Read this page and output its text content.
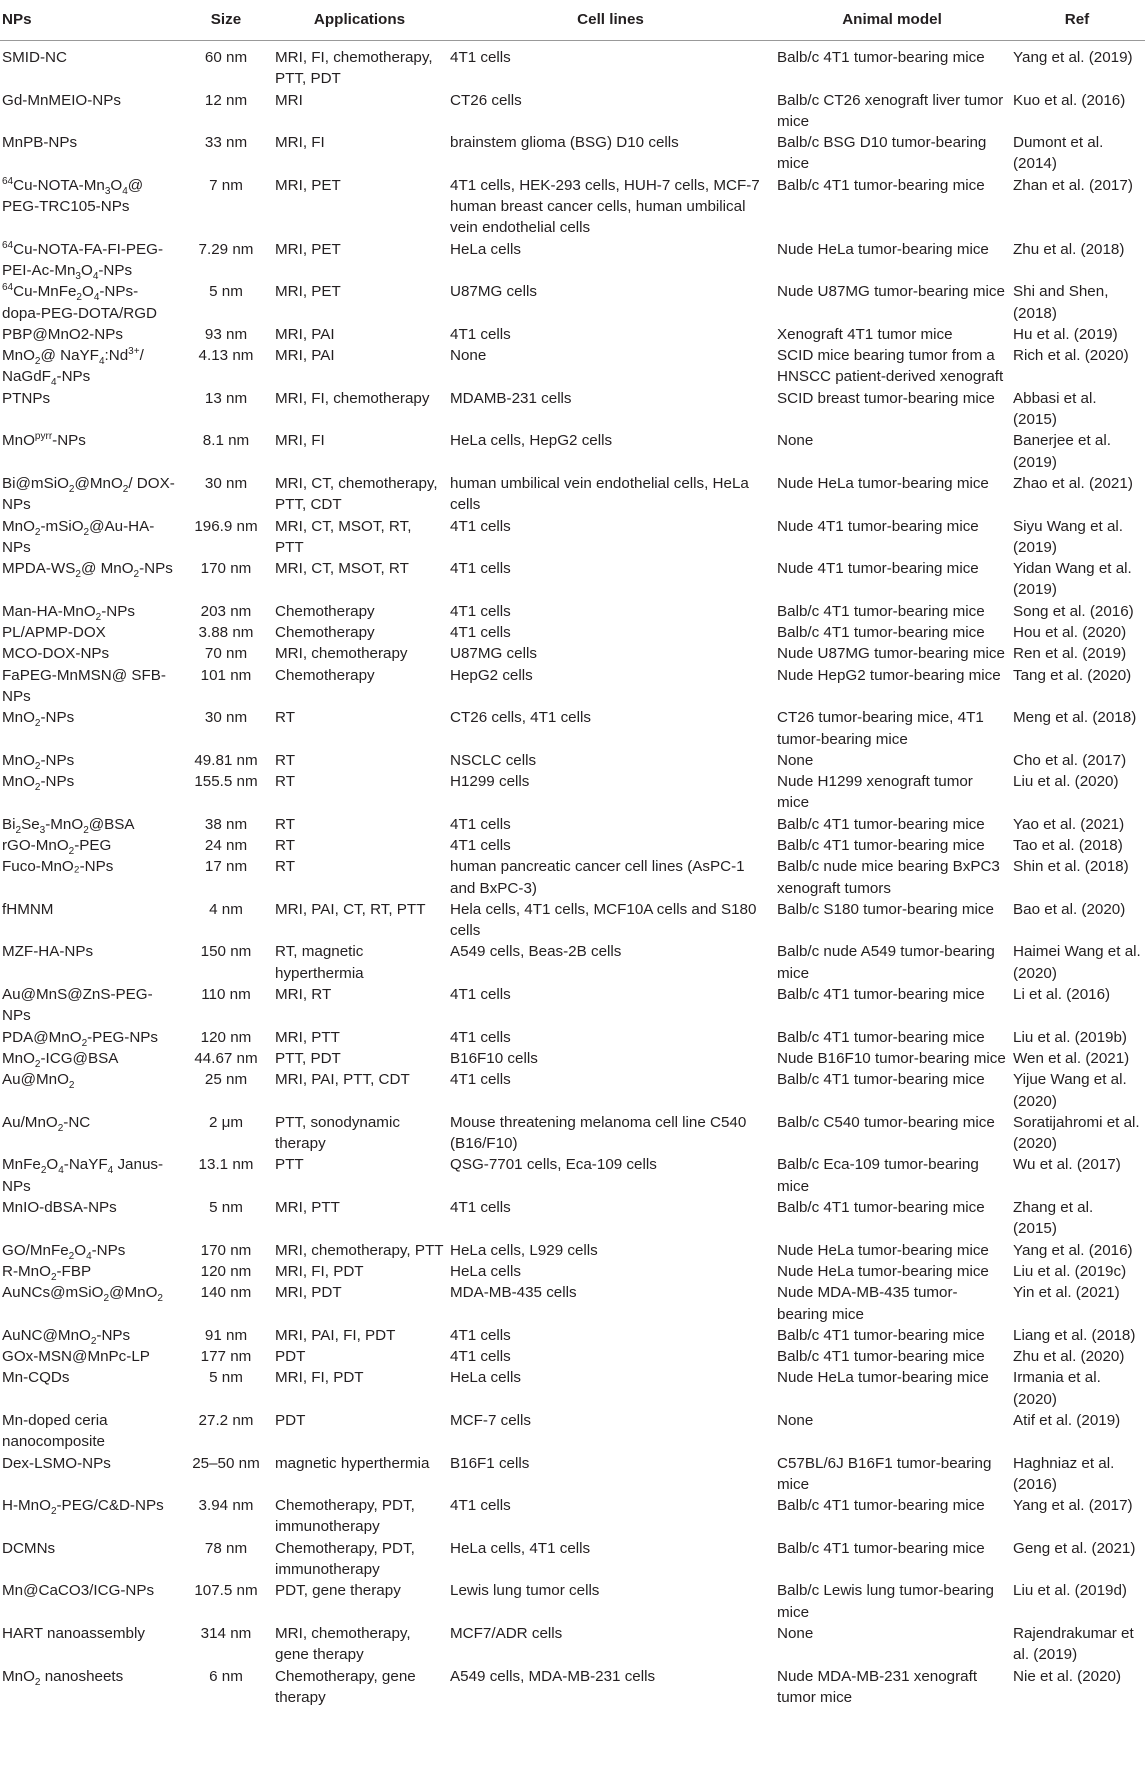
NPs	Size	Applications	Cell lines	Animal model	Ref
SMID-NC	60 nm	MRI, FI, chemotherapy, PTT, PDT	4T1 cells	Balb/c 4T1 tumor-bearing mice	Yang et al. (2019)
Gd-MnMEIO-NPs	12 nm	MRI	CT26 cells	Balb/c CT26 xenograft liver tumor mice	Kuo et al. (2016)
MnPB-NPs	33 nm	MRI, FI	brainstem glioma (BSG) D10 cells	Balb/c BSG D10 tumor-bearing mice	Dumont et al. (2014)
$^{64}Cu-NOTA-Mn_3O_4@$ PEG-TRC105-NPs	7 nm	MRI, PET	4T1 cells, HEK-293 cells, HUH-7 cells, MCF-7 human breast cancer cells, human umbilical vein endothelial cells	Balb/c 4T1 tumor-bearing mice	Zhan et al. (2017)
$^{64}Cu-NOTA-FA-FI-PEG-PEI-Ac-Mn_3O_4$-NPs	7.29 nm	MRI, PET	HeLa cells	Nude HeLa tumor-bearing mice	Zhu et al. (2018)
$^{64}Cu-MnFe_2O_4-NPs-dopa-PEG-DOTA$/RGD	5 nm	MRI, PET	U87MG cells	Nude U87MG tumor-bearing mice	Shi and Shen, (2018)
PBP@MnO2-NPs	93 nm	MRI, PAI	4T1 cells	Xenograft 4T1 tumor mice	Hu et al. (2019)
MnO$_2$@ $NaYF_4:Nd^{3+}/$ NaGdF$_4$-NPs	4.13 nm	MRI, PAI	None	SCID mice bearing tumor from a HNSCC patient-derived xenograft	Rich et al. (2020)
PTNPs	13 nm	MRI, FI, chemotherapy	MDAMB-231 cells	SCID breast tumor-bearing mice	Abbasi et al. (2015)
MnO$^{pyrr}$-NPs	8.1 nm	MRI, FI	HeLa cells, HepG2 cells	None	Banerjee et al. (2019)
Bi@mSiO$_2$@MnO$_2$/ DOX-NPs	30 nm	MRI, CT, chemotherapy, PTT, CDT	human umbilical vein endothelial cells, HeLa cells	Nude HeLa tumor-bearing mice	Zhao et al. (2021)
MnO$_2$-mSiO$_2$@Au-HA-NPs	196.9 nm	MRI, CT, MSOT, RT, PTT	4T1 cells	Nude 4T1 tumor-bearing mice	Siyu Wang et al. (2019)
MPDA-$WS_2@$ MnO$_2$-NPs	170 nm	MRI, CT, MSOT, RT	4T1 cells	Nude 4T1 tumor-bearing mice	Yidan Wang et al. (2019)
Man-HA-MnO$_2$-NPs	203 nm	Chemotherapy	4T1 cells	Balb/c 4T1 tumor-bearing mice	Song et al. (2016)
PL/APMP-DOX	3.88 nm	Chemotherapy	4T1 cells	Balb/c 4T1 tumor-bearing mice	Hou et al. (2020)
MCO-DOX-NPs	70 nm	MRI, chemotherapy	U87MG cells	Nude U87MG tumor-bearing mice	Ren et al. (2019)
FaPEG-MnMSN@ SFB-NPs	101 nm	Chemotherapy	HepG2 cells	Nude HepG2 tumor-bearing mice	Tang et al. (2020)
MnO$_2$-NPs	30 nm	RT	CT26 cells, 4T1 cells	CT26 tumor-bearing mice, 4T1 tumor-bearing mice	Meng et al. (2018)
MnO$_2$-NPs	49.81 nm	RT	NSCLC cells	None	Cho et al. (2017)
MnO$_2$-NPs	155.5 nm	RT	H1299 cells	Nude H1299 xenograft tumor mice	Liu et al. (2020)
$Bi_2Se_3-MnO_2@BSA$	38 nm	RT	4T1 cells	Balb/c 4T1 tumor-bearing mice	Yao et al. (2021)
rGO-MnO$_2$-PEG	24 nm	RT	4T1 cells	Balb/c 4T1 tumor-bearing mice	Tao et al. (2018)
Fuco-MnO₂-NPs	17 nm	RT	human pancreatic cancer cell lines (AsPC-1 and BxPC-3)	Balb/c nude mice bearing BxPC3 xenograft tumors	Shin et al. (2018)
fHMNM	4 nm	MRI, PAI, CT, RT, PTT	Hela cells, 4T1 cells, MCF10A cells and S180 cells	Balb/c S180 tumor-bearing mice	Bao et al. (2020)
MZF-HA-NPs	150 nm	RT, magnetic hyperthermia	A549 cells, Beas-2B cells	Balb/c nude A549 tumor-bearing mice	Haimei Wang et al. (2020)
Au@MnS@ZnS-PEG-NPs	110 nm	MRI, RT	4T1 cells	Balb/c 4T1 tumor-bearing mice	Li et al. (2016)
PDA@MnO$_2$-PEG-NPs	120 nm	MRI, PTT	4T1 cells	Balb/c 4T1 tumor-bearing mice	Liu et al. (2019b)
MnO$_2$-ICG@BSA	44.67 nm	PTT, PDT	B16F10 cells	Nude B16F10 tumor-bearing mice	Wen et al. (2021)
Au@MnO$_2$	25 nm	MRI, PAI, PTT, CDT	4T1 cells	Balb/c 4T1 tumor-bearing mice	Yijue Wang et al. (2020)
Au/MnO$_2$-NC	2 μm	PTT, sonodynamic therapy	Mouse threatening melanoma cell line C540 (B16/F10)	Balb/c C540 tumor-bearing mice	Soratijahromi et al. (2020)
$MnFe_2O_4-NaYF_4$ Janus-NPs	13.1 nm	PTT	QSG-7701 cells, Eca-109 cells	Balb/c Eca-109 tumor-bearing mice	Wu et al. (2017)
MnIO-dBSA-NPs	5 nm	MRI, PTT	4T1 cells	Balb/c 4T1 tumor-bearing mice	Zhang et al. (2015)
$GO/MnFe_2O_4$-NPs	170 nm	MRI, chemotherapy, PTT	HeLa cells, L929 cells	Nude HeLa tumor-bearing mice	Yang et al. (2016)
R-MnO$_2$-FBP	120 nm	MRI, FI, PDT	HeLa cells	Nude HeLa tumor-bearing mice	Liu et al. (2019c)
AuNCs@mSiO$_2$@MnO$_2$	140 nm	MRI, PDT	MDA-MB-435 cells	Nude MDA-MB-435 tumor-bearing mice	Yin et al. (2021)
AuNC@MnO$_2$-NPs	91 nm	MRI, PAI, FI, PDT	4T1 cells	Balb/c 4T1 tumor-bearing mice	Liang et al. (2018)
GOx-MSN@MnPc-LP	177 nm	PDT	4T1 cells	Balb/c 4T1 tumor-bearing mice	Zhu et al. (2020)
Mn-CQDs	5 nm	MRI, FI, PDT	HeLa cells	Nude HeLa tumor-bearing mice	Irmania et al. (2020)
Mn-doped ceria nanocomposite	27.2 nm	PDT	MCF-7 cells	None	Atif et al. (2019)
Dex-LSMO-NPs	25–50 nm	magnetic hyperthermia	B16F1 cells	C57BL/6J B16F1 tumor-bearing mice	Haghniaz et al. (2016)
H-MnO$_2$-PEG/C&D-NPs	3.94 nm	Chemotherapy, PDT, immunotherapy	4T1 cells	Balb/c 4T1 tumor-bearing mice	Yang et al. (2017)
DCMNs	78 nm	Chemotherapy, PDT, immunotherapy	HeLa cells, 4T1 cells	Balb/c 4T1 tumor-bearing mice	Geng et al. (2021)
Mn@CaCO3/ICG-NPs	107.5 nm	PDT, gene therapy	Lewis lung tumor cells	Balb/c Lewis lung tumor-bearing mice	Liu et al. (2019d)
HART nanoassembly	314 nm	MRI, chemotherapy, gene therapy	MCF7/ADR cells	None	Rajendrakumar et al. (2019)
MnO$_2$ nanosheets	6 nm	Chemotherapy, gene therapy	A549 cells, MDA-MB-231 cells	Nude MDA-MB-231 xenograft tumor mice	Nie et al. (2020)
